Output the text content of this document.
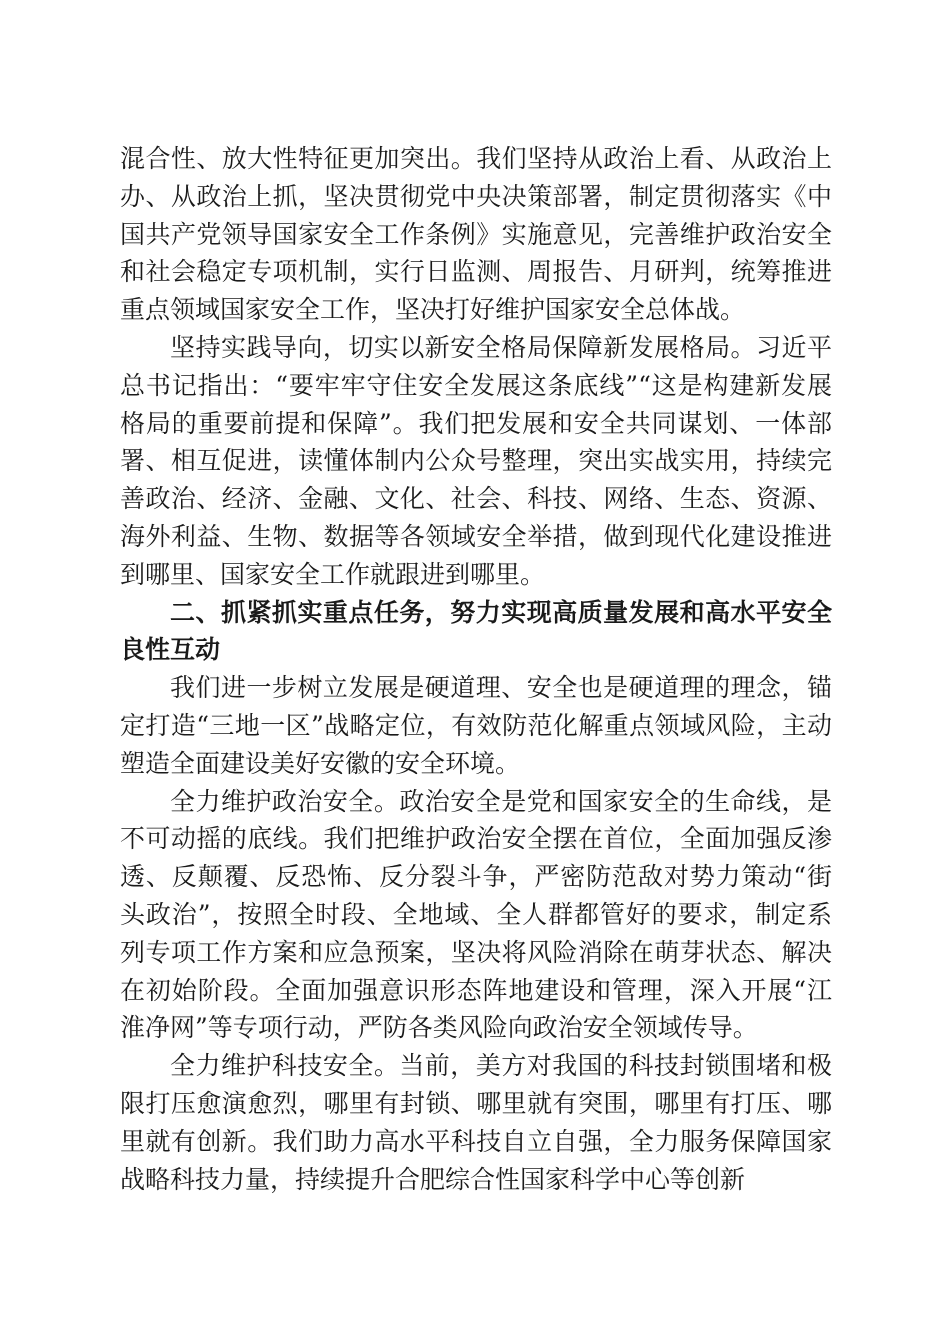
混合性、放大性特征更加突出。我们坚持从政治上看、从政治上办、从政治上抓，坚决贯彻党中央决策部署，制定贯彻落实《中国共产党领导国家安全工作条例》实施意见，完善维护政治安全和社会稳定专项机制，实行日监测、周报告、月研判，统筹推进重点领域国家安全工作，坚决打好维护国家安全总体战。

坚持实践导向，切实以新安全格局保障新发展格局。习近平总书记指出：“要牢牢守住安全发展这条底线”“这是构建新发展格局的重要前提和保障”。我们把发展和安全共同谋划、一体部署、相互促进，读懂体制内公众号整理，突出实战实用，持续完善政治、经济、金融、文化、社会、科技、网络、生态、资源、海外利益、生物、数据等各领域安全举措，做到现代化建设推进到哪里、国家安全工作就跟进到哪里。

二、抓紧抓实重点任务，努力实现高质量发展和高水平安全良性互动

我们进一步树立发展是硬道理、安全也是硬道理的理念，锚定打造“三地一区”战略定位，有效防范化解重点领域风险，主动塑造全面建设美好安徽的安全环境。

全力维护政治安全。政治安全是党和国家安全的生命线，是不可动摇的底线。我们把维护政治安全摆在首位，全面加强反渗透、反颠覆、反恐怖、反分裂斗争，严密防范敌对势力策动“街头政治”，按照全时段、全地域、全人群都管好的要求，制定系列专项工作方案和应急预案，坚决将风险消除在萌芽状态、解决在初始阶段。全面加强意识形态阵地建设和管理，深入开展“江淮净网”等专项行动，严防各类风险向政治安全领域传导。

全力维护科技安全。当前，美方对我国的科技封锁围堵和极限打压愈演愈烈，哪里有封锁、哪里就有突围，哪里有打压、哪里就有创新。我们助力高水平科技自立自强，全力服务保障国家战略科技力量，持续提升合肥综合性国家科学中心等创新
